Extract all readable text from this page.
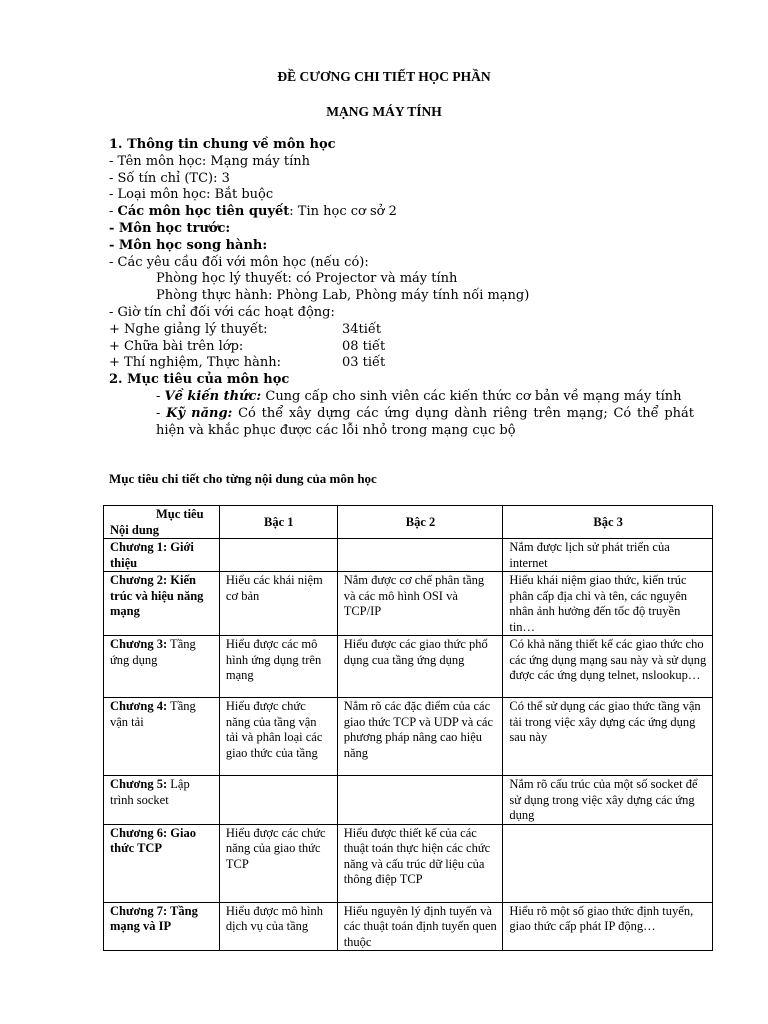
ĐỀ CƯƠNG CHI TIẾT HỌC PHẦN
MẠNG MÁY TÍNH
1. Thông tin chung về môn học
- Tên môn học: Mạng máy tính
- Số tín chỉ (TC): 3
- Loại môn học: Bắt buộc
- Các môn học tiên quyết: Tin học cơ sở 2
- Môn học trước:
- Môn học song hành:
- Các yêu cầu đối với môn học (nếu có):
Phòng học lý thuyết: có Projector và máy tính
Phòng thực hành: Phòng Lab, Phòng máy tính nối mạng)
- Giờ tín chỉ đối với các hoạt động:
+ Nghe giảng lý thuyết:	34tiết
+ Chữa bài trên lớp:	08 tiết
+ Thí nghiệm, Thực hành:	03 tiết
2. Mục tiêu của môn học
- Về kiến thức: Cung cấp cho sinh viên các kiến thức cơ bản về mạng máy tính
- Kỹ năng: Có thể xây dựng các ứng dụng dành riêng trên mạng; Có thể phát hiện và khắc phục được các lỗi nhỏ trong mạng cục bộ
Mục tiêu chi tiết cho từng nội dung của môn học
Mục tiêu
Nội dung	Bậc 1	Bậc 2	Bậc 3
Chương 1: Giới thiệu			Nắm được lịch sử phát triển của internet
Chương 2: Kiến trúc và hiệu năng mạng	Hiểu các khái niệm cơ bản	Nắm được cơ chế phân tầng và các mô hình OSI và TCP/IP	Hiểu khái niệm giao thức, kiến trúc phân cấp địa chỉ và tên, các nguyên nhân ảnh hưởng đến tốc độ truyền tin…
Chương 3: Tầng ứng dụng	Hiểu được các mô hình ứng dụng trên mạng	Hiểu được các giao thức phổ dụng cua tầng ứng dụng	Có khả năng thiết kế các giao thức cho các ứng dụng mạng sau này và sử dụng được các ứng dụng telnet, nslookup…
Chương 4: Tầng vận tải	Hiểu được chức năng của tầng vận tải và phân loại các giao thức của tầng	Nắm rõ các đặc điểm của các giao thức TCP và UDP và các phương pháp nâng cao hiệu năng	Có thể sử dụng các giao thức tầng vận tải trong việc xây dựng các ứng dụng sau này
Chương 5: Lập trình socket			Nắm rõ cấu trúc của một số socket để sử dụng trong việc xây dựng các ứng dụng
Chương 6: Giao thức TCP	Hiểu được các chức năng của giao thức TCP	Hiểu được thiết kế của các thuật toán thực hiện các chức năng và cấu trúc dữ liệu của thông điệp TCP	
Chương 7: Tầng mạng và IP	Hiểu được mô hình dịch vụ của tầng	Hiểu nguyên lý định tuyến và các thuật toán định tuyến quen thuộc	Hiểu rõ một số giao thức định tuyến, giao thức cấp phát IP động…
